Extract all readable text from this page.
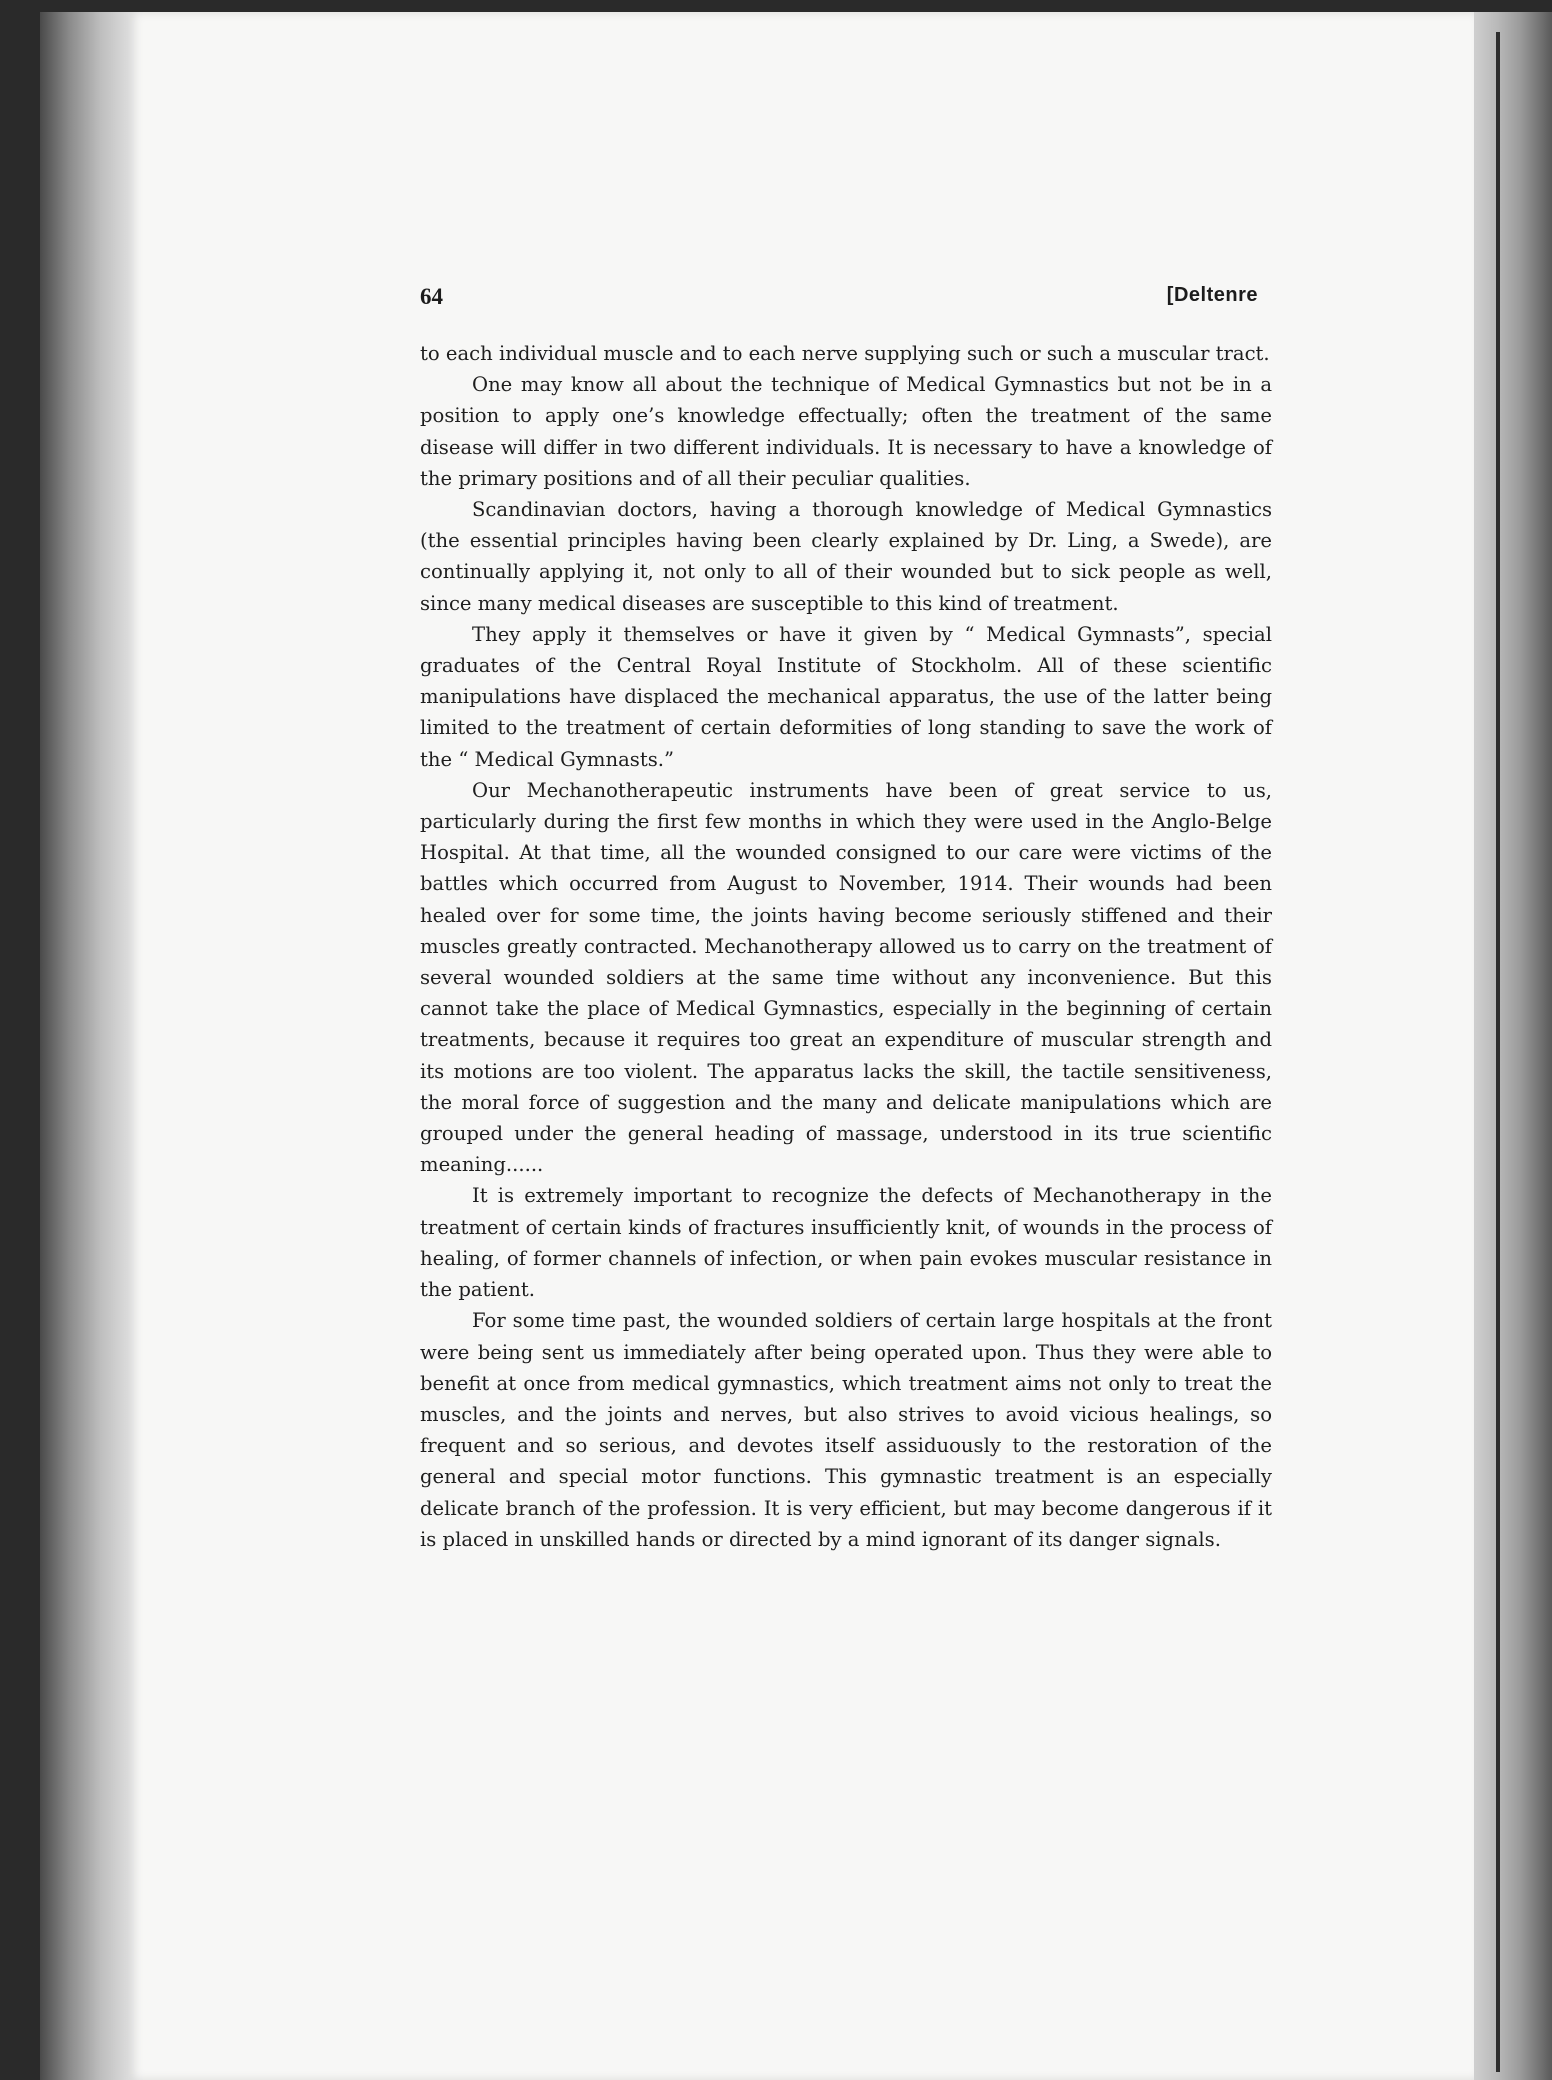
64	[Deltenre

to each individual muscle and to each nerve supplying such or such a muscular tract.

One may know all about the technique of Medical Gymnastics but not be in a position to apply one’s knowledge effectually; often the treatment of the same disease will differ in two different individuals. It is necessary to have a knowledge of the primary positions and of all their peculiar qualities.

Scandinavian doctors, having a thorough knowledge of Medical Gymnastics (the essential principles having been clearly explained by Dr. Ling, a Swede), are continually applying it, not only to all of their wounded but to sick people as well, since many medical diseases are susceptible to this kind of treatment.

They apply it themselves or have it given by “ Medical Gymnasts”, special graduates of the Central Royal Institute of Stockholm. All of these scientific manipulations have displaced the mechanical apparatus, the use of the latter being limited to the treatment of certain deformities of long standing to save the work of the “ Medical Gymnasts.”

Our Mechanotherapeutic instruments have been of great service to us, particularly during the first few months in which they were used in the Anglo-Belge Hospital. At that time, all the wounded consigned to our care were victims of the battles which occurred from August to November, 1914. Their wounds had been healed over for some time, the joints having become seriously stiffened and their muscles greatly contracted. Mechanotherapy allowed us to carry on the treatment of several wounded soldiers at the same time without any inconvenience. But this cannot take the place of Medical Gymnastics, especially in the beginning of certain treatments, because it requires too great an expenditure of muscular strength and its motions are too violent. The apparatus lacks the skill, the tactile sensitiveness, the moral force of suggestion and the many and delicate manipulations which are grouped under the general heading of massage, understood in its true scientific meaning......

It is extremely important to recognize the defects of Mechanotherapy in the treatment of certain kinds of fractures insufficiently knit, of wounds in the process of healing, of former channels of infection, or when pain evokes muscular resistance in the patient.

For some time past, the wounded soldiers of certain large hospitals at the front were being sent us immediately after being operated upon. Thus they were able to benefit at once from medical gymnastics, which treatment aims not only to treat the muscles, and the joints and nerves, but also strives to avoid vicious healings, so frequent and so serious, and devotes itself assiduously to the restoration of the general and special motor functions. This gymnastic treatment is an especially delicate branch of the profession. It is very efficient, but may become dangerous if it is placed in unskilled hands or directed by a mind ignorant of its danger signals.
